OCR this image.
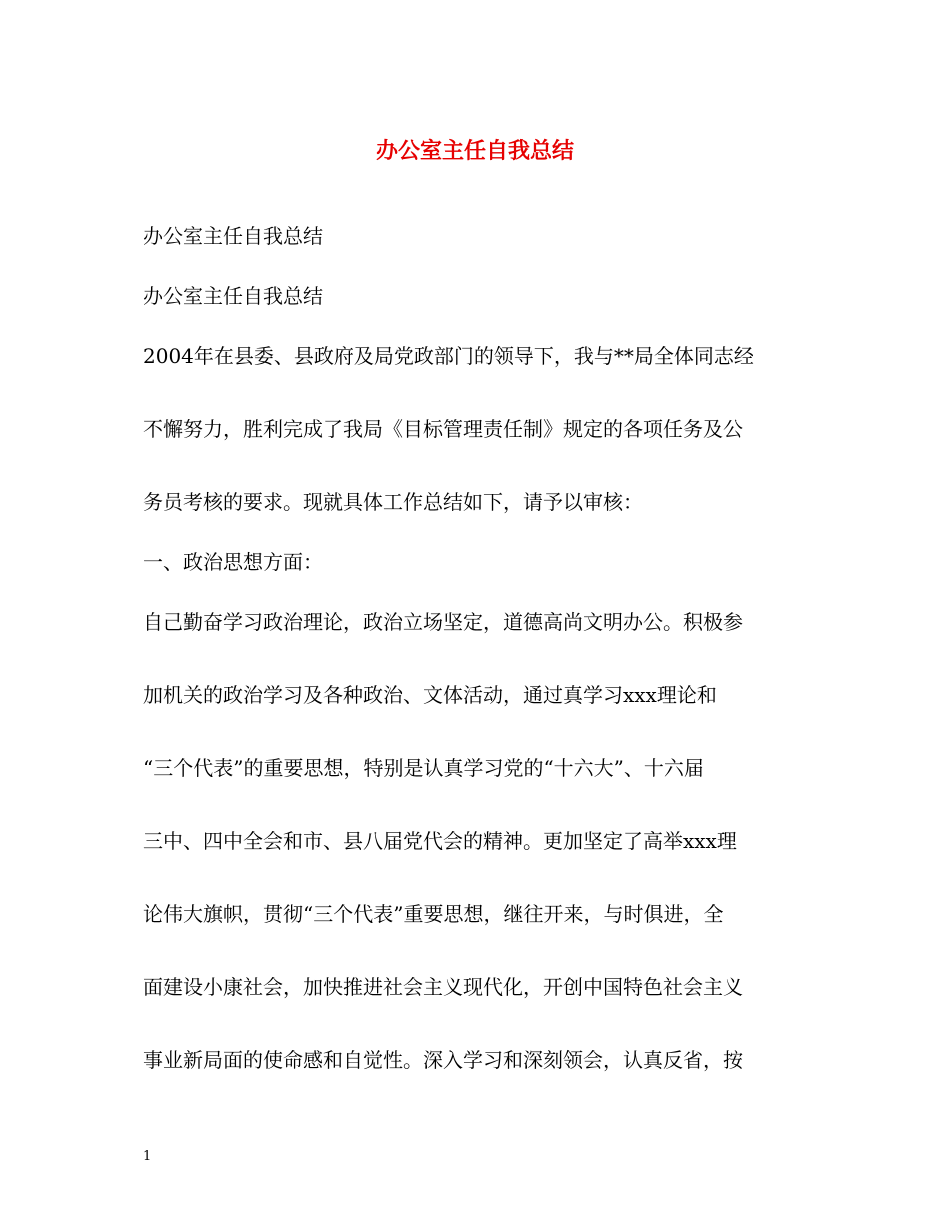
办公室主任自我总结

办公室主任自我总结

办公室主任自我总结

2004年在县委、县政府及局党政部门的领导下，我与**局全体同志经

不懈努力，胜利完成了我局《目标管理责任制》规定的各项任务及公

务员考核的要求。现就具体工作总结如下，请予以审核：

一、政治思想方面：

自己勤奋学习政治理论，政治立场坚定，道德高尚文明办公。积极参

加机关的政治学习及各种政治、文体活动，通过真学习xxx理论和

“三个代表”的重要思想，特别是认真学习党的“十六大”、十六届

三中、四中全会和市、县八届党代会的精神。更加坚定了高举xxx理

论伟大旗帜，贯彻“三个代表”重要思想，继往开来，与时俱进，全

面建设小康社会，加快推进社会主义现代化，开创中国特色社会主义

事业新局面的使命感和自觉性。深入学习和深刻领会，认真反省，按

1
